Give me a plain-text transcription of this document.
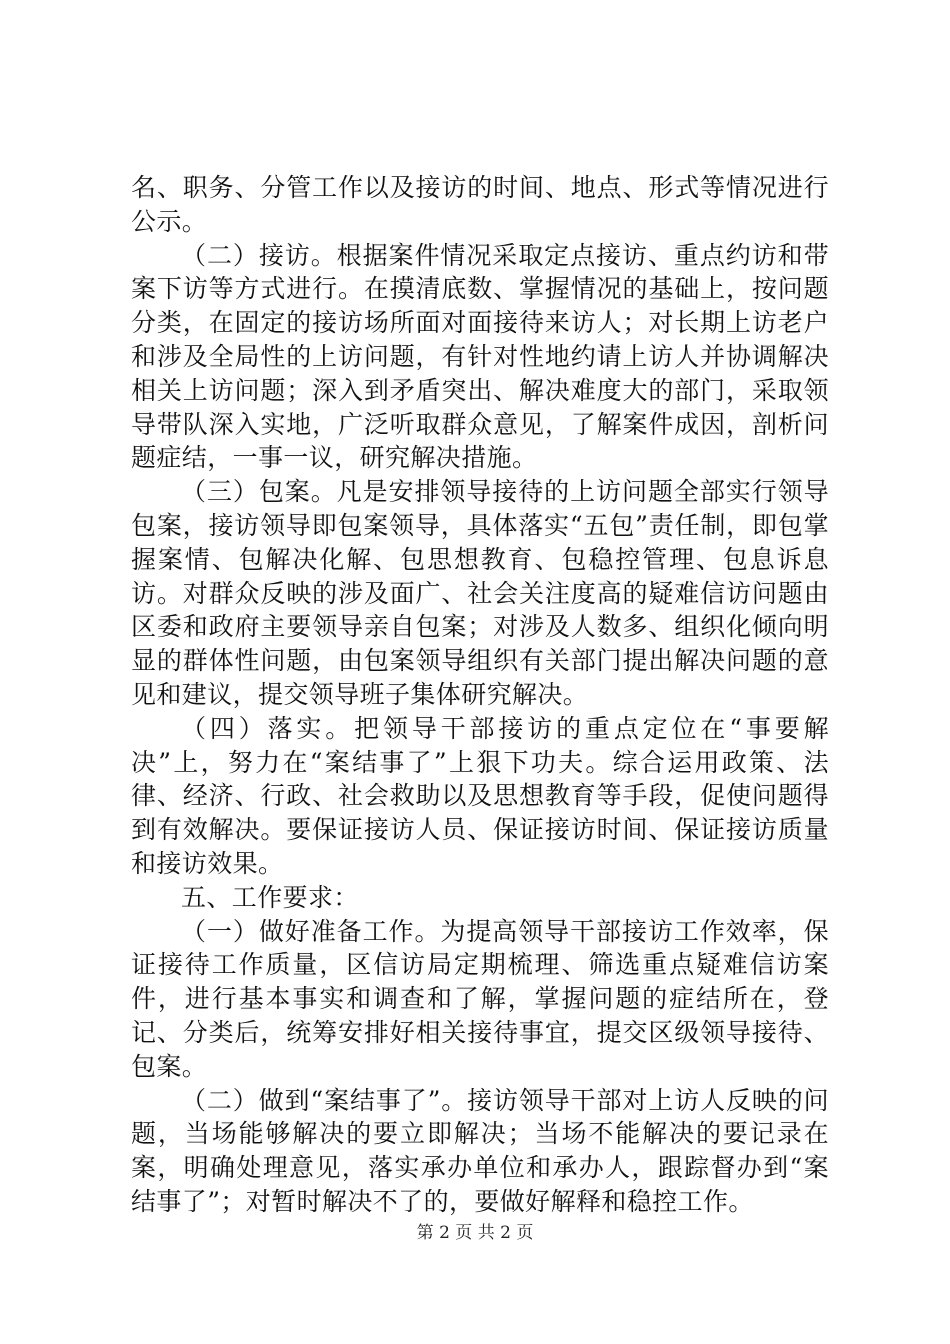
名、职务、分管工作以及接访的时间、地点、形式等情况进行公示。

（二）接访。根据案件情况采取定点接访、重点约访和带案下访等方式进行。在摸清底数、掌握情况的基础上，按问题分类，在固定的接访场所面对面接待来访人；对长期上访老户和涉及全局性的上访问题，有针对性地约请上访人并协调解决相关上访问题；深入到矛盾突出、解决难度大的部门，采取领导带队深入实地，广泛听取群众意见，了解案件成因，剖析问题症结，一事一议，研究解决措施。

（三）包案。凡是安排领导接待的上访问题全部实行领导包案，接访领导即包案领导，具体落实“五包”责任制，即包掌握案情、包解决化解、包思想教育、包稳控管理、包息诉息访。对群众反映的涉及面广、社会关注度高的疑难信访问题由区委和政府主要领导亲自包案；对涉及人数多、组织化倾向明显的群体性问题，由包案领导组织有关部门提出解决问题的意见和建议，提交领导班子集体研究解决。

（四）落实。把领导干部接访的重点定位在“事要解决”上，努力在“案结事了”上狠下功夫。综合运用政策、法律、经济、行政、社会救助以及思想教育等手段，促使问题得到有效解决。要保证接访人员、保证接访时间、保证接访质量和接访效果。

五、工作要求：

（一）做好准备工作。为提高领导干部接访工作效率，保证接待工作质量，区信访局定期梳理、筛选重点疑难信访案件，进行基本事实和调查和了解，掌握问题的症结所在，登记、分类后，统筹安排好相关接待事宜，提交区级领导接待、包案。

（二）做到“案结事了”。接访领导干部对上访人反映的问题，当场能够解决的要立即解决；当场不能解决的要记录在案，明确处理意见，落实承办单位和承办人，跟踪督办到“案结事了”；对暂时解决不了的，要做好解释和稳控工作。

第 2 页 共 2 页
